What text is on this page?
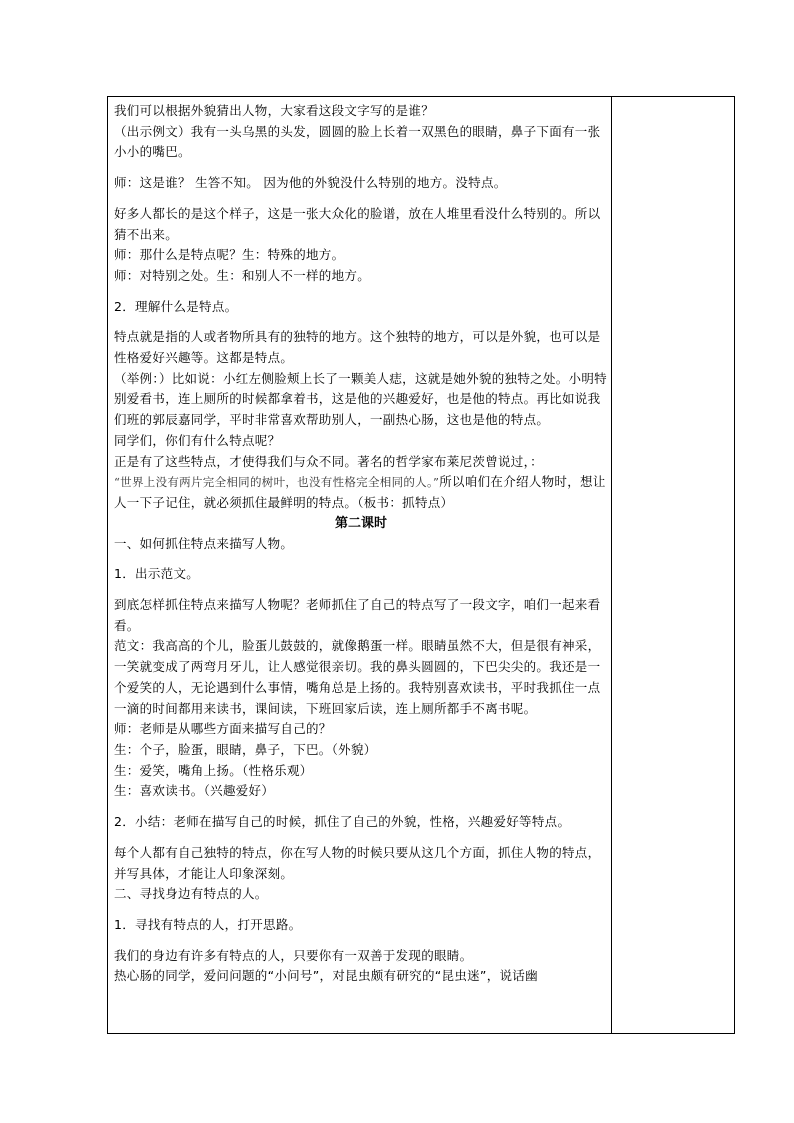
我们可以根据外貌猜出人物，大家看这段文字写的是谁？

（出示例文）我有一头乌黑的头发，圆圆的脸上长着一双黑色的眼睛，鼻子下面有一张小小的嘴巴。

师：这是谁？ 生答不知。 因为他的外貌没什么特别的地方。没特点。

好多人都长的是这个样子，这是一张大众化的脸谱，放在人堆里看没什么特别的。所以猜不出来。

师：那什么是特点呢？生：特殊的地方。

师：对特别之处。生：和别人不一样的地方。

2．理解什么是特点。

特点就是指的人或者物所具有的独特的地方。这个独特的地方，可以是外貌，也可以是性格爱好兴趣等。这都是特点。

（举例：）比如说：小红左侧脸颊上长了一颗美人痣，这就是她外貌的独特之处。小明特别爱看书，连上厕所的时候都拿着书，这是他的兴趣爱好，也是他的特点。再比如说我们班的郭辰嘉同学，平时非常喜欢帮助别人，一副热心肠，这也是他的特点。

同学们，你们有什么特点呢？

正是有了这些特点，才使得我们与众不同。著名的哲学家布莱尼茨曾说过，：

“世界上没有两片完全相同的树叶，也没有性格完全相同的人。”所以咱们在介绍人物时，想让人一下子记住，就必须抓住最鲜明的特点。（板书：抓特点）

第二课时

一、如何抓住特点来描写人物。

1．出示范文。

到底怎样抓住特点来描写人物呢？老师抓住了自己的特点写了一段文字，咱们一起来看看。

范文：我高高的个儿，脸蛋儿鼓鼓的，就像鹅蛋一样。眼睛虽然不大，但是很有神采，一笑就变成了两弯月牙儿，让人感觉很亲切。我的鼻头圆圆的，下巴尖尖的。我还是一个爱笑的人，无论遇到什么事情，嘴角总是上扬的。我特别喜欢读书，平时我抓住一点一滴的时间都用来读书，课间读，下班回家后读，连上厕所都手不离书呢。

师：老师是从哪些方面来描写自己的？

生：个子，脸蛋，眼睛，鼻子，下巴。（外貌）

生：爱笑，嘴角上扬。（性格乐观）

生：喜欢读书。（兴趣爱好）

2．小结：老师在描写自己的时候，抓住了自己的外貌，性格，兴趣爱好等特点。

每个人都有自己独特的特点，你在写人物的时候只要从这几个方面，抓住人物的特点，并写具体，才能让人印象深刻。

二、寻找身边有特点的人。

1．寻找有特点的人，打开思路。

我们的身边有许多有特点的人，只要你有一双善于发现的眼睛。

热心肠的同学，爱问问题的“小问号”，对昆虫颇有研究的“昆虫迷”，说话幽
